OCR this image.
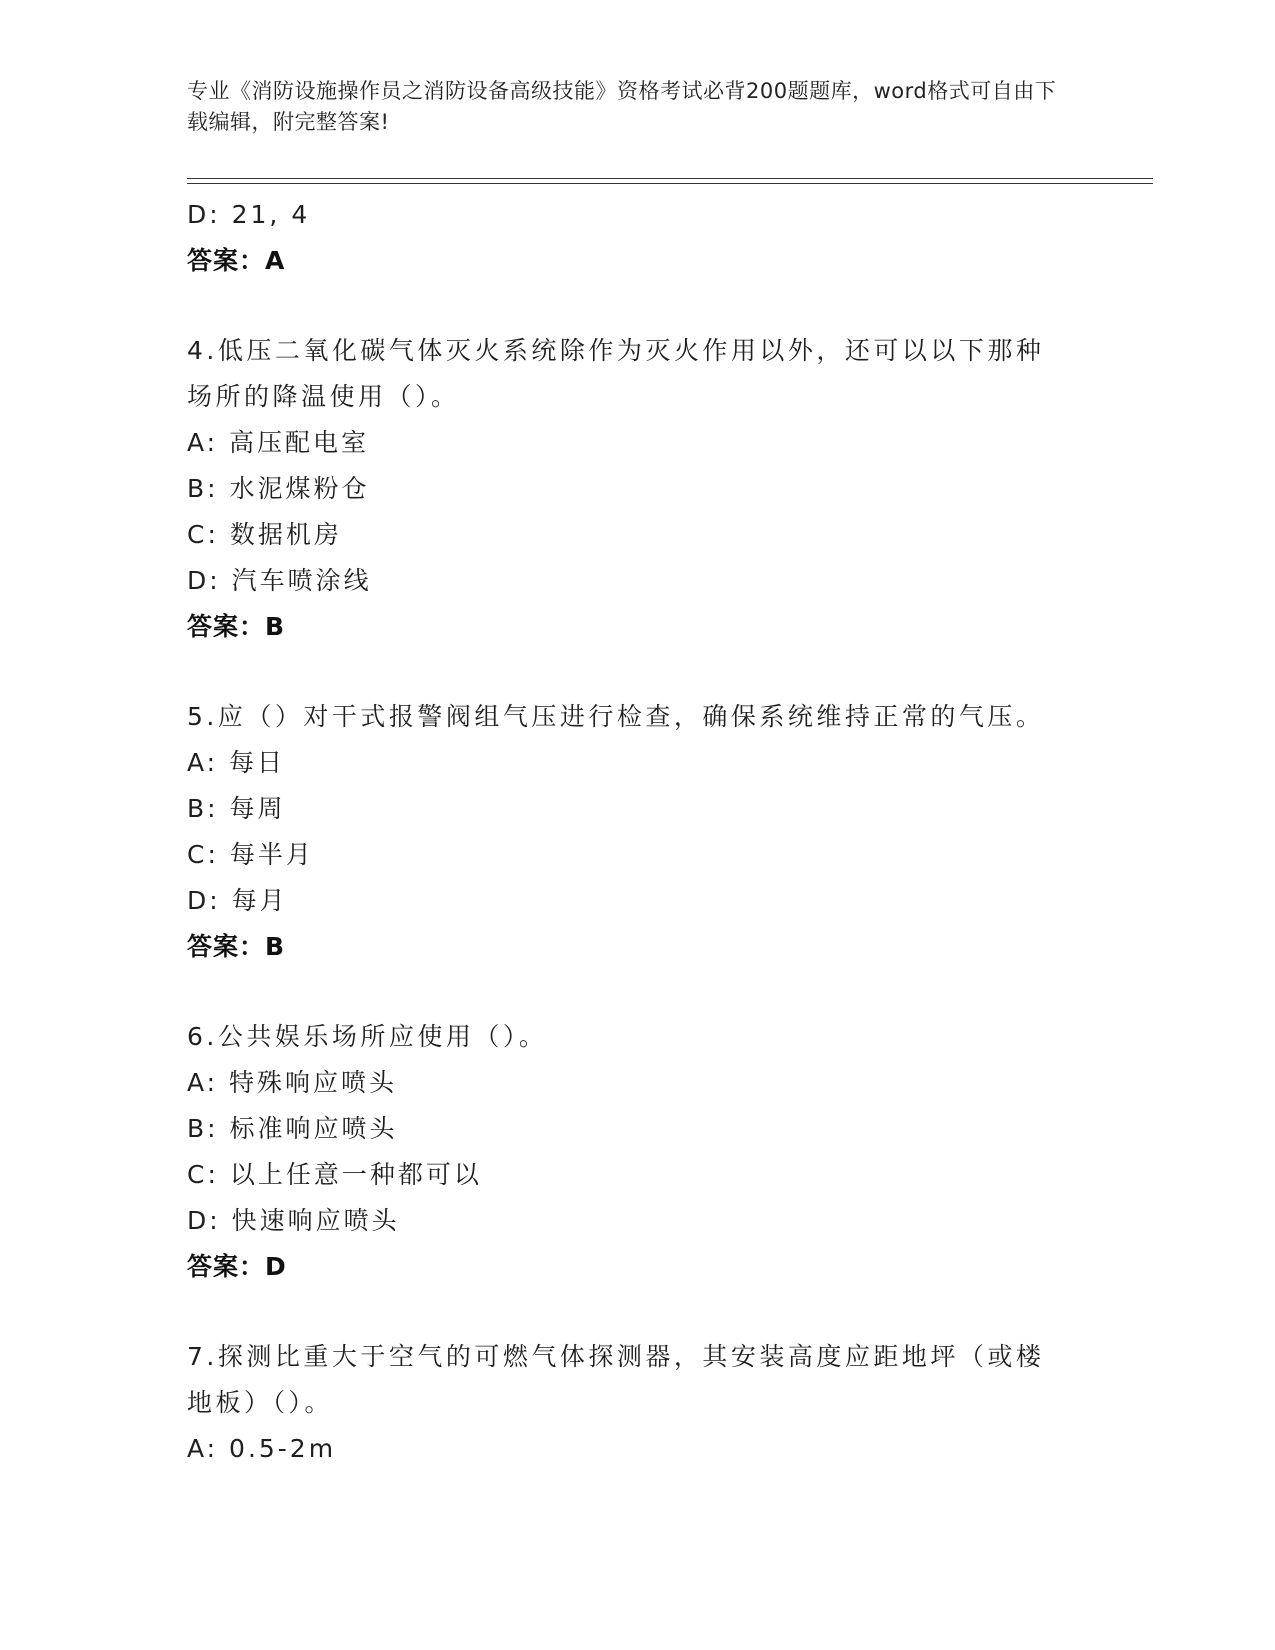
专业《消防设施操作员之消防设备高级技能》资格考试必背200题题库，word格式可自由下载编辑，附完整答案!
D: 21, 4
答案：A
4.低压二氧化碳气体灭火系统除作为灭火作用以外，还可以以下那种场所的降温使用（）。
A: 高压配电室
B: 水泥煤粉仓
C: 数据机房
D: 汽车喷涂线
答案：B
5.应（）对干式报警阀组气压进行检查，确保系统维持正常的气压。
A: 每日
B: 每周
C: 每半月
D: 每月
答案：B
6.公共娱乐场所应使用（）。
A: 特殊响应喷头
B: 标准响应喷头
C: 以上任意一种都可以
D: 快速响应喷头
答案：D
7.探测比重大于空气的可燃气体探测器，其安装高度应距地坪（或楼地板）（）。
A: 0.5-2m
